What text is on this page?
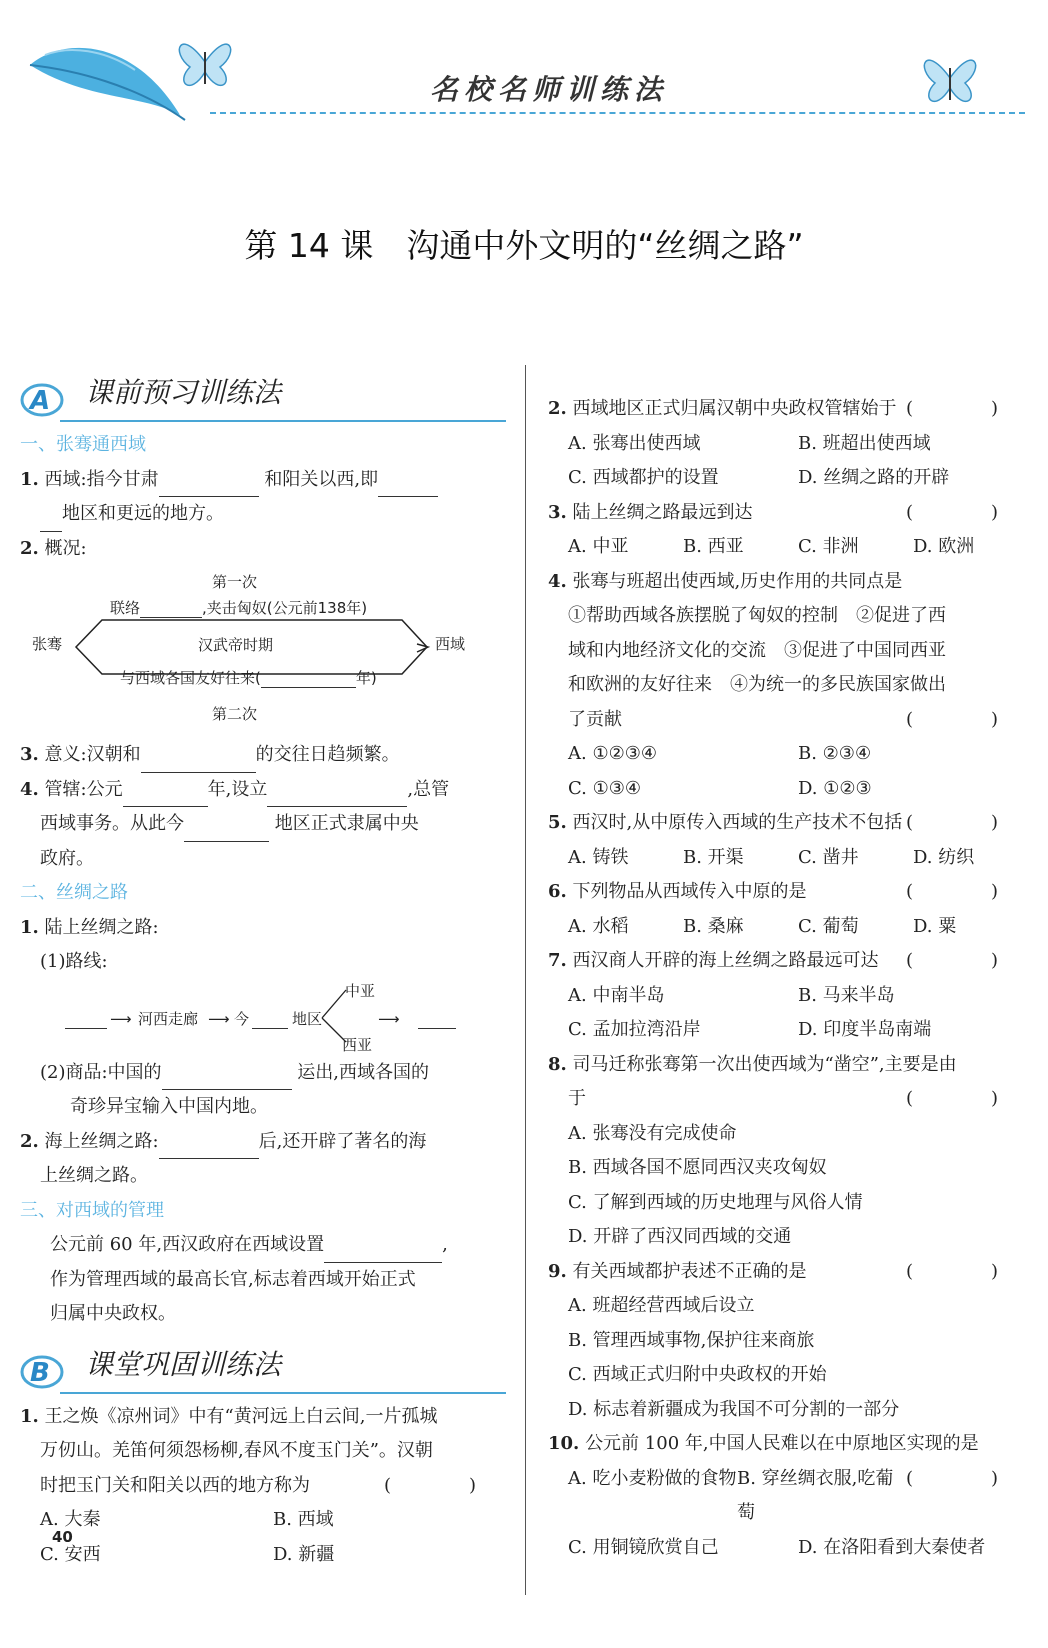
名校名师训练法
第 14 课　沟通中外文明的“丝绸之路”
A 课前预习训练法
一、张骞通西域
1. 西域:指今甘肃	和阳关以西,即
地区和更远的地方。
2. 概况:
第一次
联络	,夹击匈奴(公元前138年)
张骞	汉武帝时期	西域
与西域各国友好往来(	年)
第二次
3. 意义:汉朝和	的交往日趋频繁。
4. 管辖:公元	年,设立	,总管
西域事务。从此今	地区正式隶属中央
政府。
二、丝绸之路
1. 陆上丝绸之路:
(1)路线:
⟶ 河西走廊 ⟶ 今	地区
中亚
西亚
⟶
(2)商品:中国的	运出,西域各国的
奇珍异宝输入中国内地。
2. 海上丝绸之路:	后,还开辟了著名的海
上丝绸之路。
三、对西域的管理
公元前 60 年,西汉政府在西域设置	,
作为管理西域的最高长官,标志着西域开始正式
归属中央政权。
B 课堂巩固训练法
1. 王之焕《凉州词》中有“黄河远上白云间,一片孤城
万仞山。羌笛何须怨杨柳,春风不度玉门关”。汉朝
时把玉门关和阳关以西的地方称为	(　)
A. 大秦	B. 西域
C. 安西	D. 新疆
2. 西域地区正式归属汉朝中央政权管辖始于 (　)
A. 张骞出使西域	B. 班超出使西域
C. 西域都护的设置	D. 丝绸之路的开辟
3. 陆上丝绸之路最远到达	(　)
A. 中亚	B. 西亚	C. 非洲	D. 欧洲
4. 张骞与班超出使西域,历史作用的共同点是
①帮助西域各族摆脱了匈奴的控制　②促进了西
域和内地经济文化的交流　③促进了中国同西亚
和欧洲的友好往来　④为统一的多民族国家做出
了贡献	(　)
A. ①②③④	B. ②③④
C. ①③④	D. ①②③
5. 西汉时,从中原传入西域的生产技术不包括 (　)
A. 铸铁	B. 开渠	C. 凿井	D. 纺织
6. 下列物品从西域传入中原的是	(　)
A. 水稻	B. 桑麻	C. 葡萄	D. 粟
7. 西汉商人开辟的海上丝绸之路最远可达 (　)
A. 中南半岛	B. 马来半岛
C. 孟加拉湾沿岸	D. 印度半岛南端
8. 司马迁称张骞第一次出使西域为“凿空”,主要是由
于	(　)
A. 张骞没有完成使命
B. 西域各国不愿同西汉夹攻匈奴
C. 了解到西域的历史地理与风俗人情
D. 开辟了西汉同西域的交通
9. 有关西域都护表述不正确的是	(　)
A. 班超经营西域后设立
B. 管理西域事物,保护往来商旅
C. 西域正式归附中央政权的开始
D. 标志着新疆成为我国不可分割的一部分
10. 公元前 100 年,中国人民难以在中原地区实现的是
(　)
A. 吃小麦粉做的食物 B. 穿丝绸衣服,吃葡萄
C. 用铜镜欣赏自己	D. 在洛阳看到大秦使者
40
